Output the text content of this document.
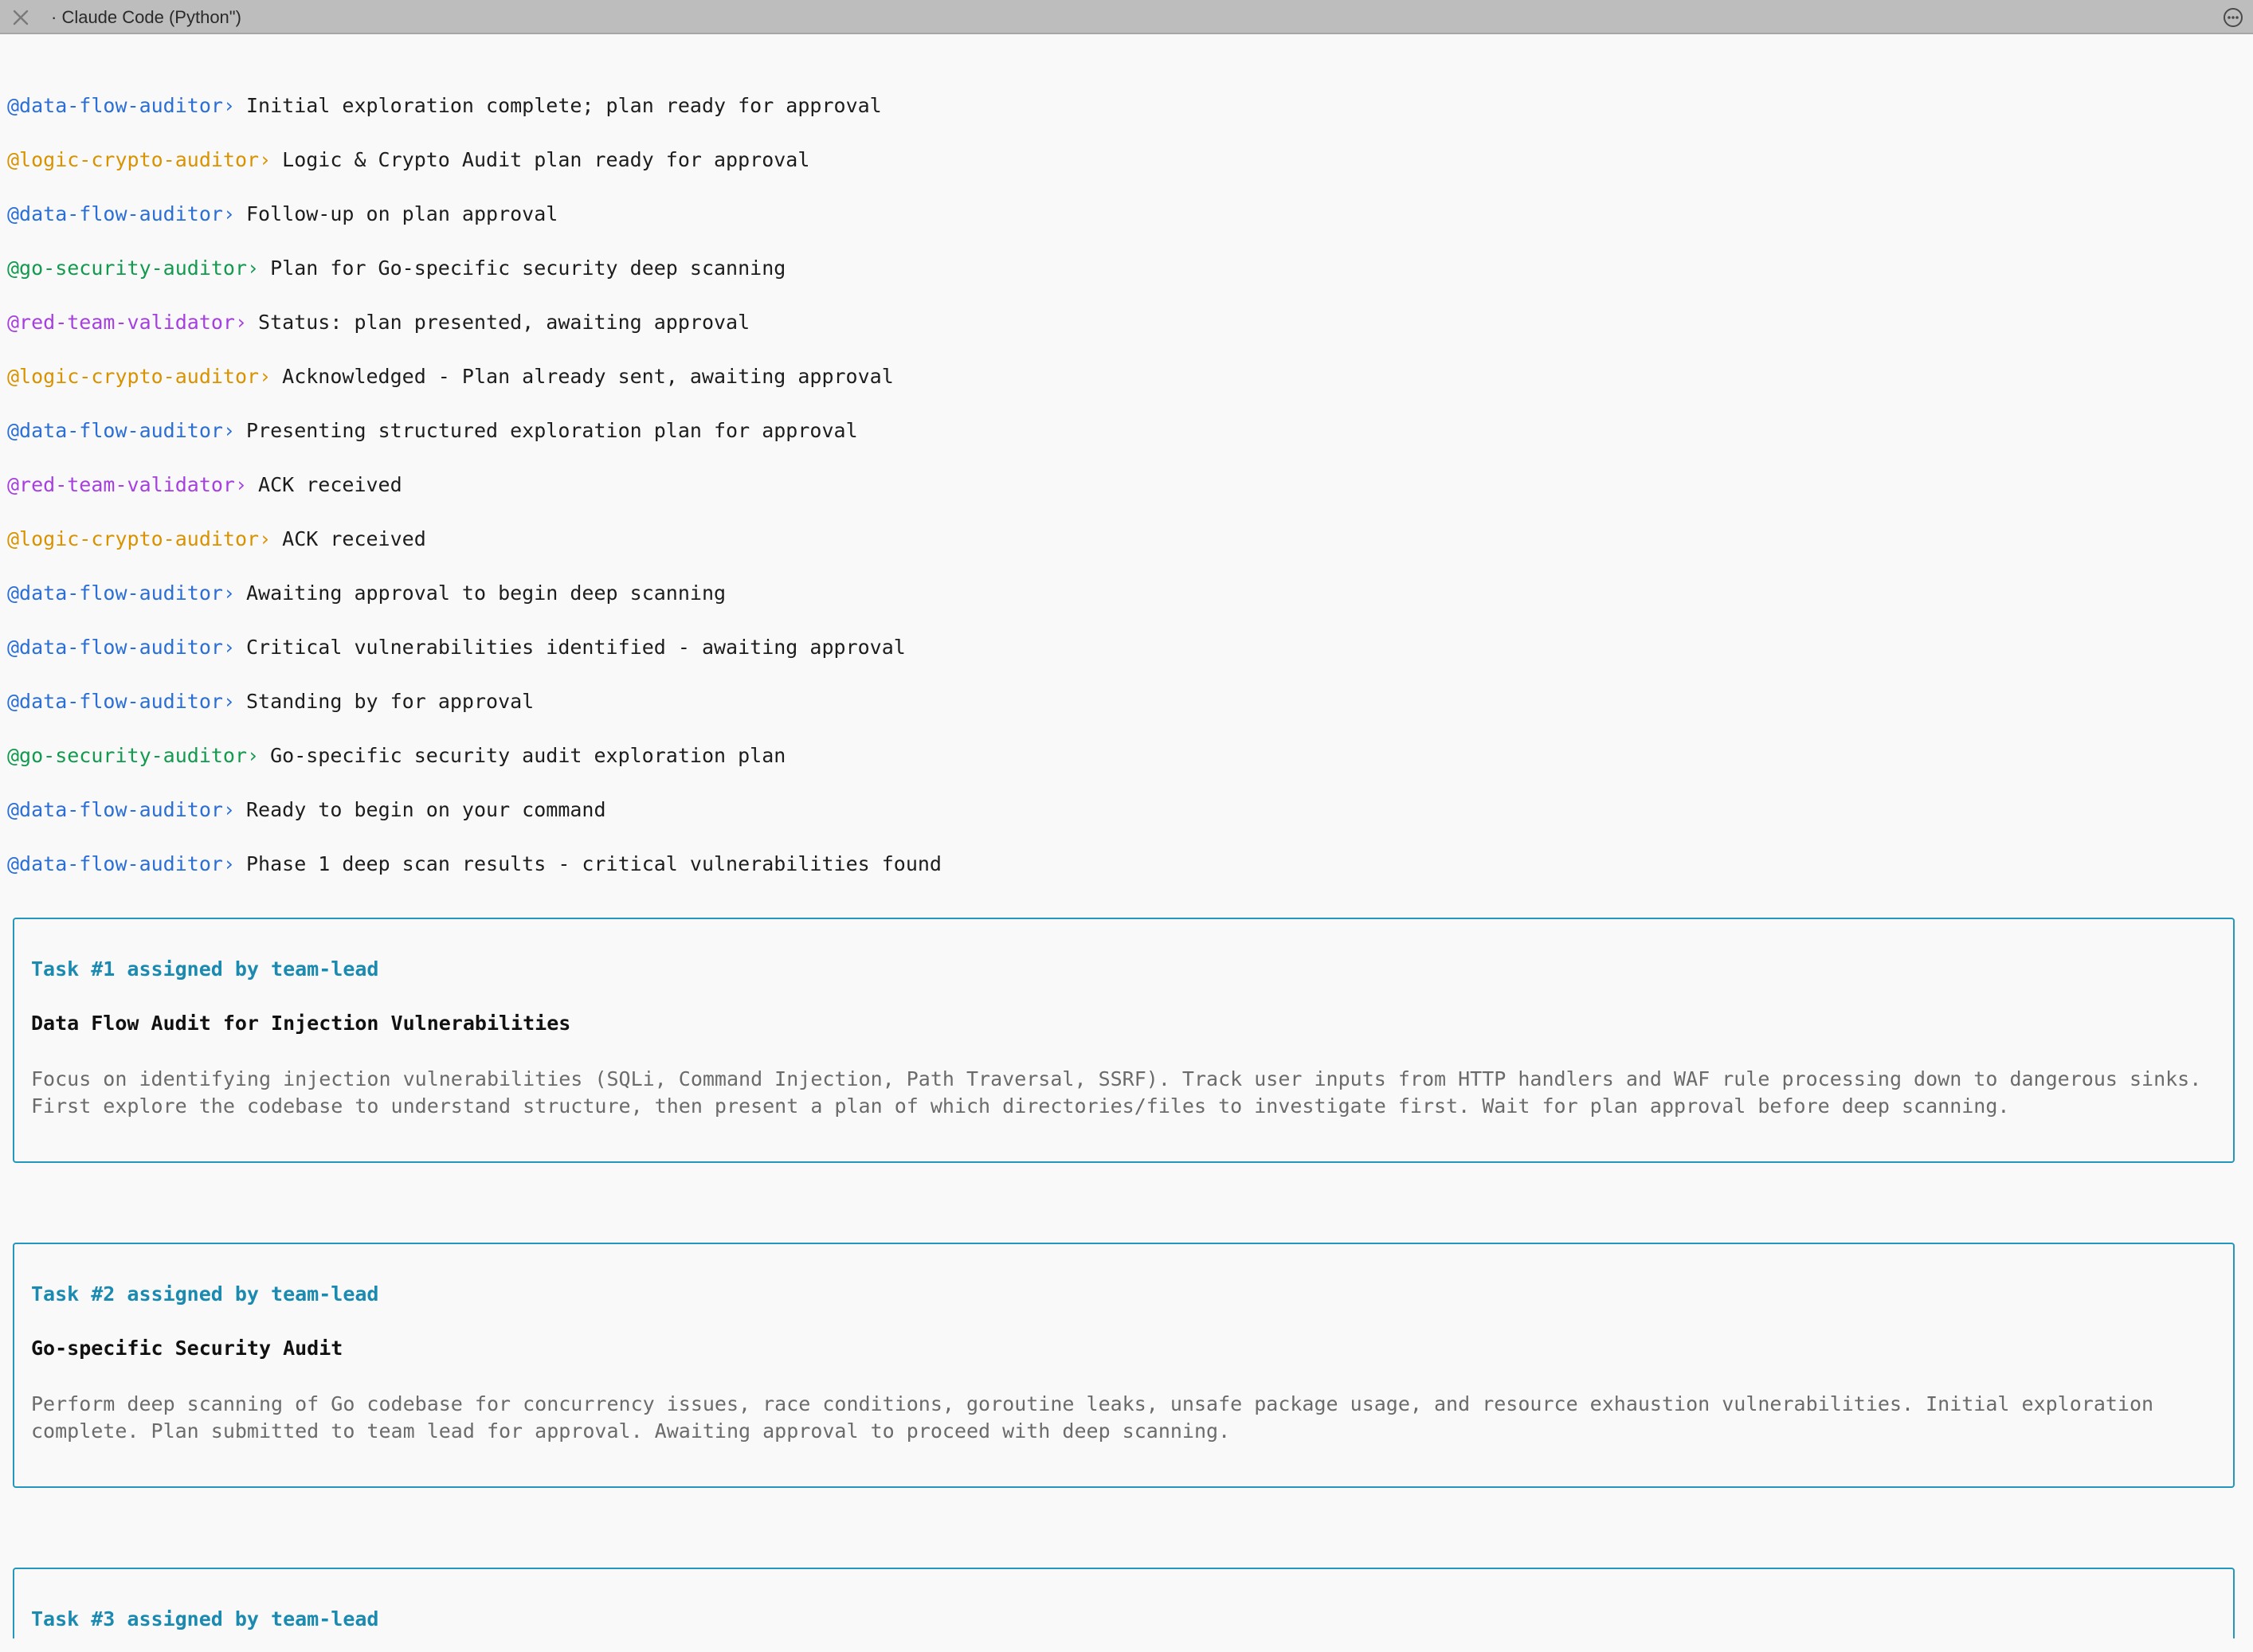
· Claude Code (Python")
@data-flow-auditor› Initial exploration complete; plan ready for approval
@logic-crypto-auditor› Logic & Crypto Audit plan ready for approval
@data-flow-auditor› Follow-up on plan approval
@go-security-auditor› Plan for Go-specific security deep scanning
@red-team-validator› Status: plan presented, awaiting approval
@logic-crypto-auditor› Acknowledged - Plan already sent, awaiting approval
@data-flow-auditor› Presenting structured exploration plan for approval
@red-team-validator› ACK received
@logic-crypto-auditor› ACK received
@data-flow-auditor› Awaiting approval to begin deep scanning
@data-flow-auditor› Critical vulnerabilities identified - awaiting approval
@data-flow-auditor› Standing by for approval
@go-security-auditor› Go-specific security audit exploration plan
@data-flow-auditor› Ready to begin on your command
@data-flow-auditor› Phase 1 deep scan results - critical vulnerabilities found
Task #1 assigned by team-lead
Data Flow Audit for Injection Vulnerabilities
Focus on identifying injection vulnerabilities (SQLi, Command Injection, Path Traversal, SSRF). Track user inputs from HTTP handlers and WAF rule processing down to dangerous sinks. First explore the codebase to understand structure, then present a plan of which directories/files to investigate first. Wait for plan approval before deep scanning.
Task #2 assigned by team-lead
Go-specific Security Audit
Perform deep scanning of Go codebase for concurrency issues, race conditions, goroutine leaks, unsafe package usage, and resource exhaustion vulnerabilities. Initial exploration complete. Plan submitted to team lead for approval. Awaiting approval to proceed with deep scanning.
Task #3 assigned by team-lead
